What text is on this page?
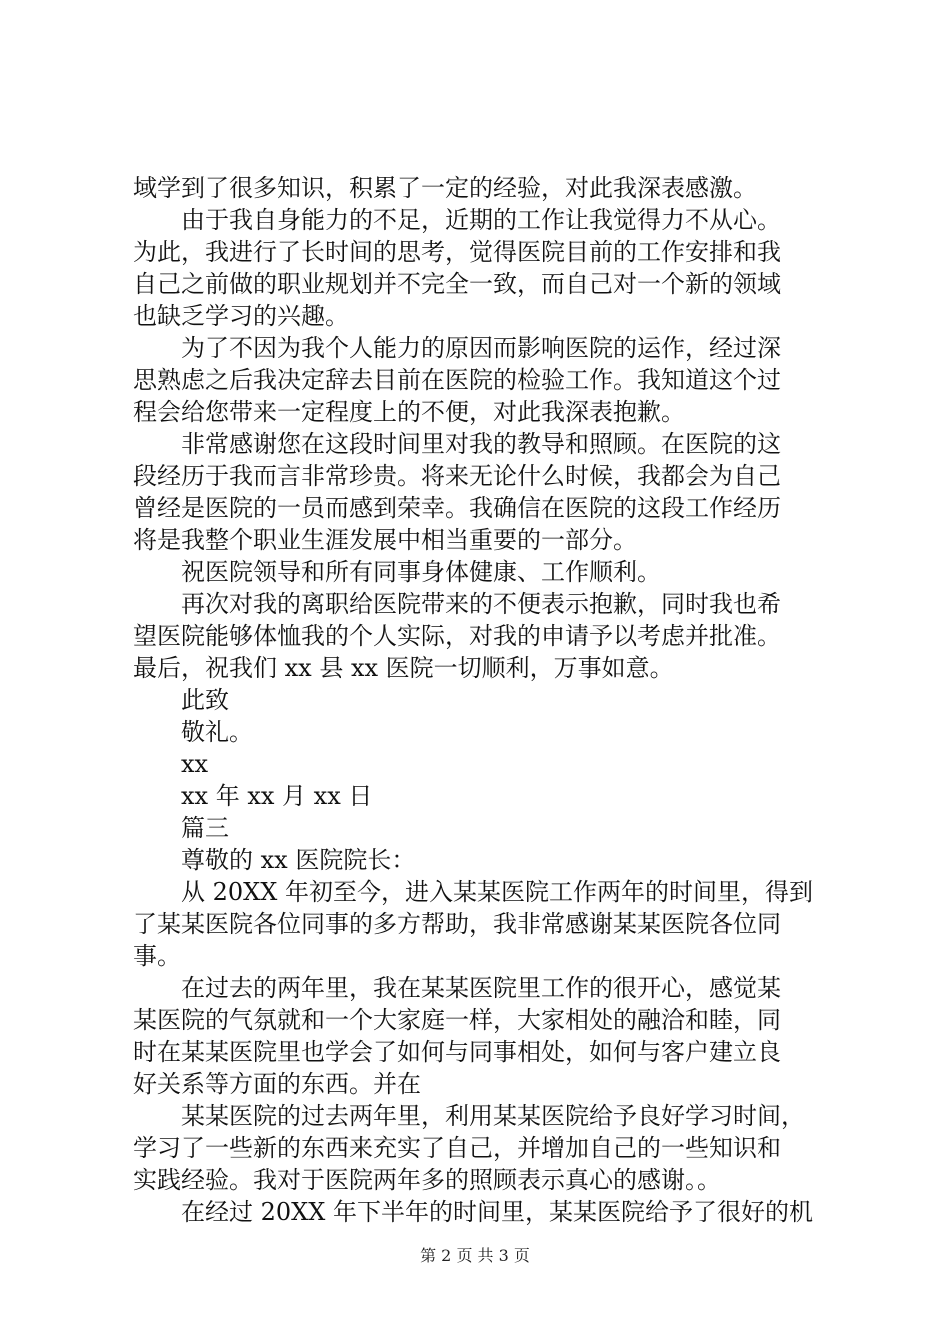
域学到了很多知识，积累了一定的经验，对此我深表感激。
由于我自身能力的不足，近期的工作让我觉得力不从心。
为此，我进行了长时间的思考，觉得医院目前的工作安排和我
自己之前做的职业规划并不完全一致，而自己对一个新的领域
也缺乏学习的兴趣。
为了不因为我个人能力的原因而影响医院的运作，经过深
思熟虑之后我决定辞去目前在医院的检验工作。我知道这个过
程会给您带来一定程度上的不便，对此我深表抱歉。
非常感谢您在这段时间里对我的教导和照顾。在医院的这
段经历于我而言非常珍贵。将来无论什么时候，我都会为自己
曾经是医院的一员而感到荣幸。我确信在医院的这段工作经历
将是我整个职业生涯发展中相当重要的一部分。
祝医院领导和所有同事身体健康、工作顺利。
再次对我的离职给医院带来的不便表示抱歉，同时我也希
望医院能够体恤我的个人实际，对我的申请予以考虑并批准。
最后，祝我们 xx 县 xx 医院一切顺利，万事如意。
此致
敬礼。
xx
xx 年 xx 月 xx 日
篇三
尊敬的 xx 医院院长：
从 20XX 年初至今，进入某某医院工作两年的时间里，得到
了某某医院各位同事的多方帮助，我非常感谢某某医院各位同
事。
在过去的两年里，我在某某医院里工作的很开心，感觉某
某医院的气氛就和一个大家庭一样，大家相处的融洽和睦，同
时在某某医院里也学会了如何与同事相处，如何与客户建立良
好关系等方面的东西。并在
某某医院的过去两年里，利用某某医院给予良好学习时间，
学习了一些新的东西来充实了自己，并增加自己的一些知识和
实践经验。我对于医院两年多的照顾表示真心的感谢。。
在经过 20XX 年下半年的时间里，某某医院给予了很好的机
第 2 页 共 3 页
